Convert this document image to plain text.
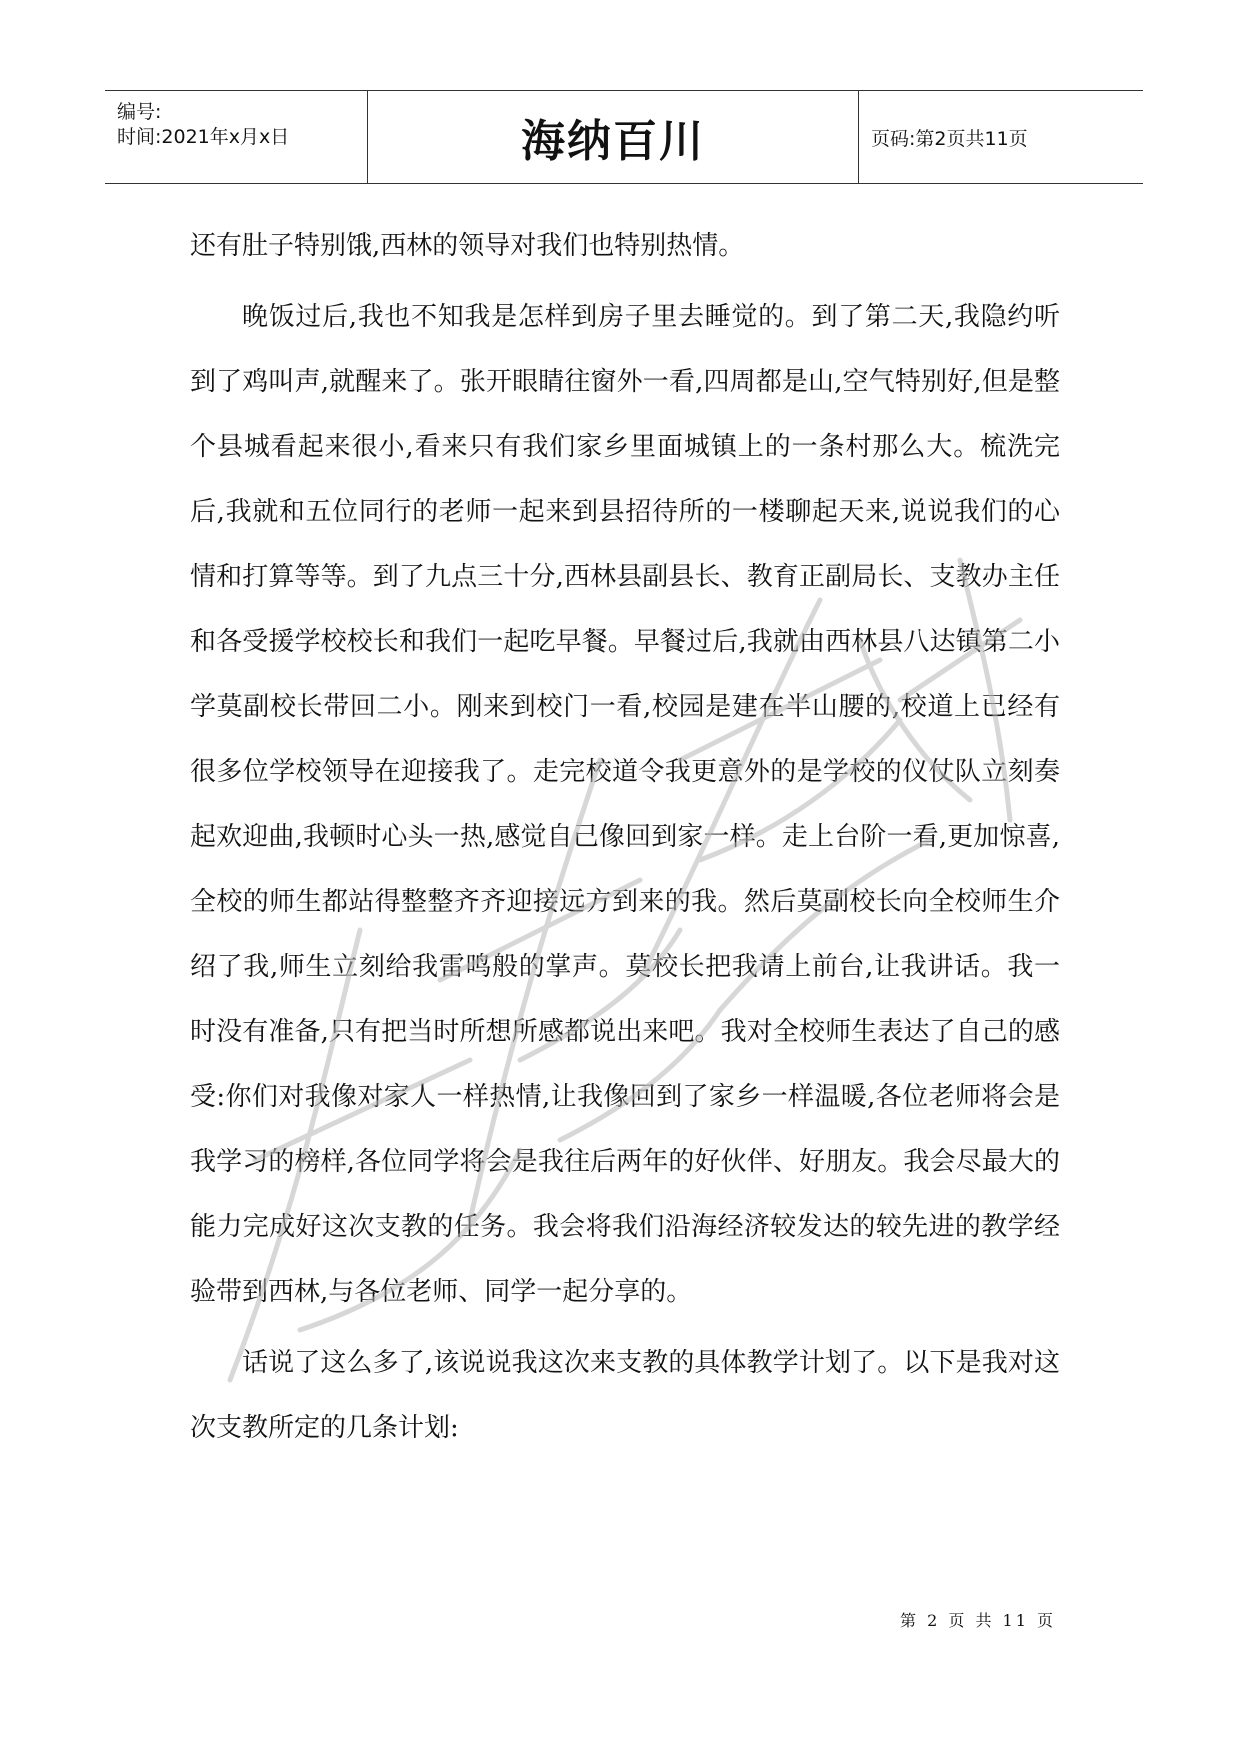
编号:
时间:2021年x月x日	海纳百川	页码:第2页共11页

还有肚子特别饿,西林的领导对我们也特别热情。

晚饭过后,我也不知我是怎样到房子里去睡觉的。到了第二天,我隐约听到了鸡叫声,就醒来了。张开眼睛往窗外一看,四周都是山,空气特别好,但是整个县城看起来很小,看来只有我们家乡里面城镇上的一条村那么大。梳洗完后,我就和五位同行的老师一起来到县招待所的一楼聊起天来,说说我们的心情和打算等等。到了九点三十分,西林县副县长、教育正副局长、支教办主任和各受援学校校长和我们一起吃早餐。早餐过后,我就由西林县八达镇第二小学莫副校长带回二小。刚来到校门一看,校园是建在半山腰的,校道上已经有很多位学校领导在迎接我了。走完校道令我更意外的是学校的仪仗队立刻奏起欢迎曲,我顿时心头一热,感觉自己像回到家一样。走上台阶一看,更加惊喜,全校的师生都站得整整齐齐迎接远方到来的我。然后莫副校长向全校师生介绍了我,师生立刻给我雷鸣般的掌声。莫校长把我请上前台,让我讲话。我一时没有准备,只有把当时所想所感都说出来吧。我对全校师生表达了自己的感受:你们对我像对家人一样热情,让我像回到了家乡一样温暖,各位老师将会是我学习的榜样,各位同学将会是我往后两年的好伙伴、好朋友。我会尽最大的能力完成好这次支教的任务。我会将我们沿海经济较发达的较先进的教学经验带到西林,与各位老师、同学一起分享的。

话说了这么多了,该说说我这次来支教的具体教学计划了。以下是我对这次支教所定的几条计划:

第 2 页 共 11 页
